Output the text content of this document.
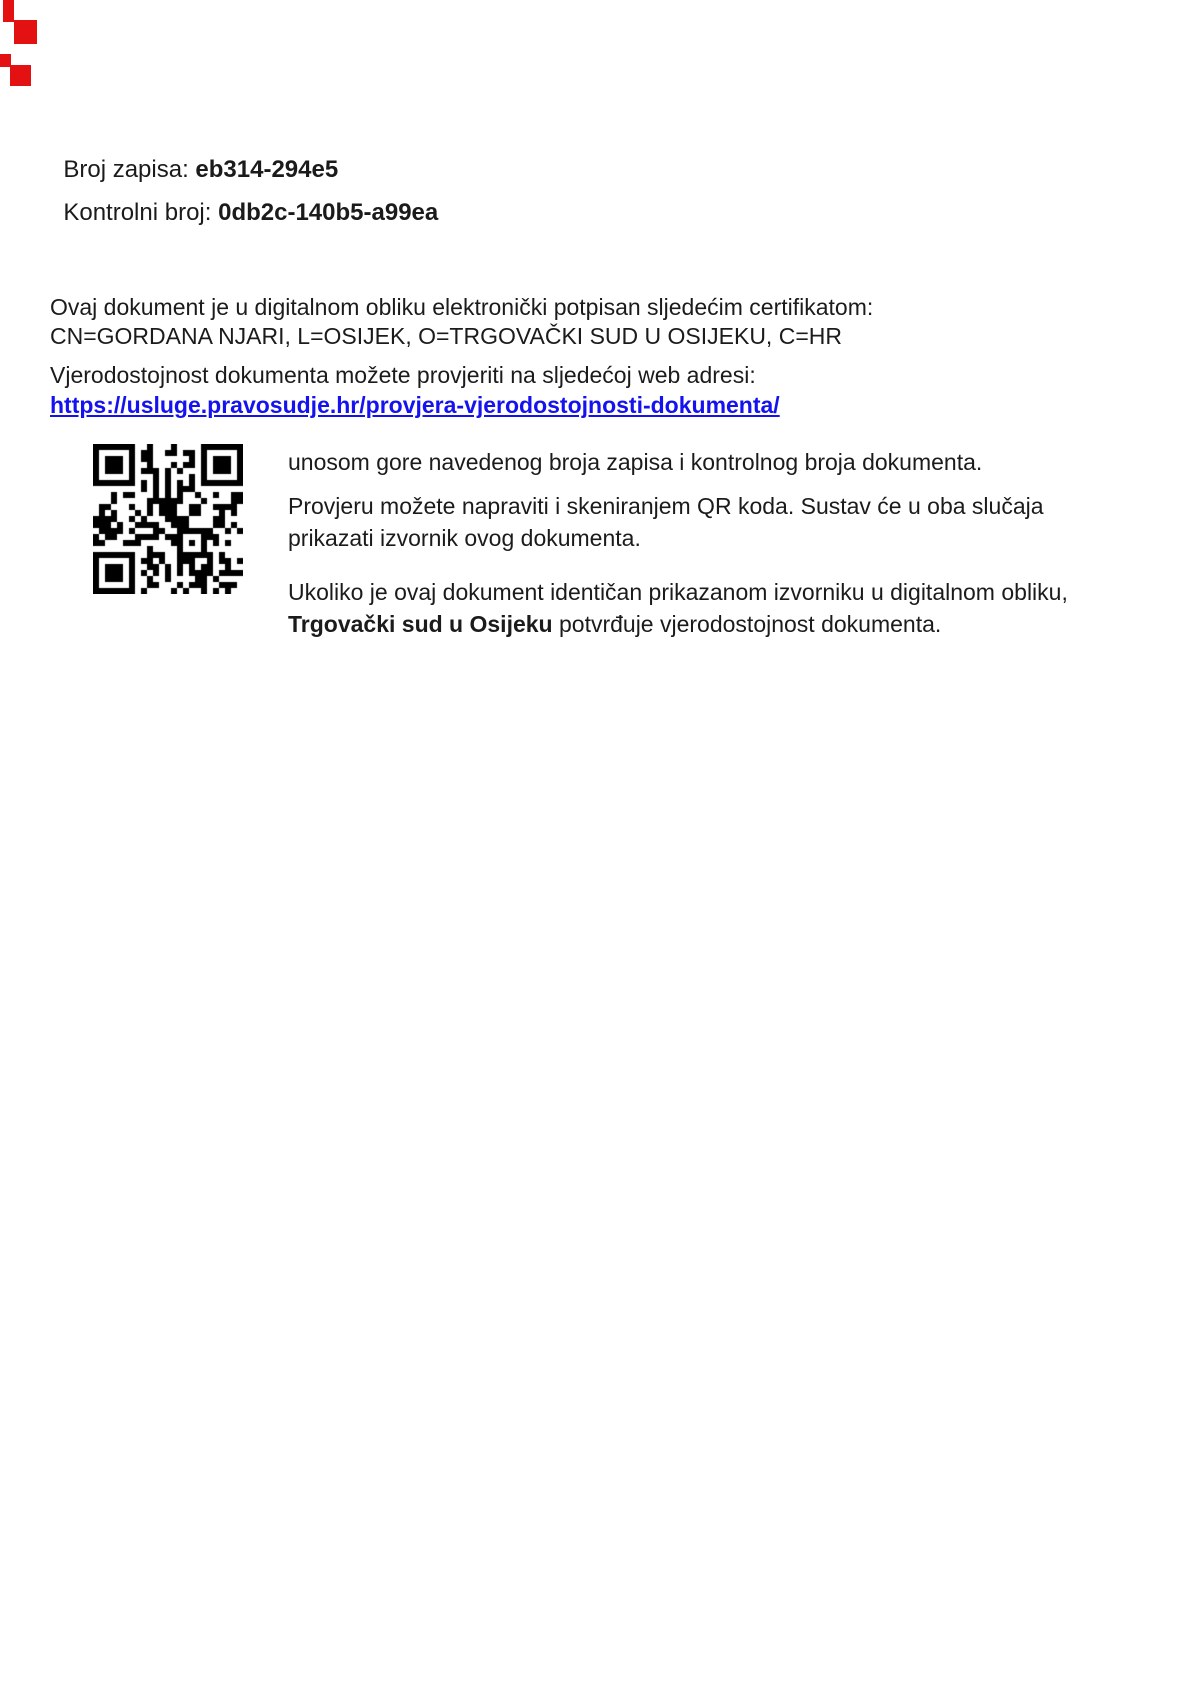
Broj zapisa: eb314-294e5

Kontrolni broj: 0db2c-140b5-a99ea

Ovaj dokument je u digitalnom obliku elektronički potpisan sljedećim certifikatom:
CN=GORDANA NJARI, L=OSIJEK, O=TRGOVAČKI SUD U OSIJEKU, C=HR
Vjerodostojnost dokumenta možete provjeriti na sljedećoj web adresi:
https://usluge.pravosudje.hr/provjera-vjerodostojnosti-dokumenta/
unosom gore navedenog broja zapisa i kontrolnog broja dokumenta.
Provjeru možete napraviti i skeniranjem QR koda. Sustav će u oba slučaja prikazati izvornik ovog dokumenta.
Ukoliko je ovaj dokument identičan prikazanom izvorniku u digitalnom obliku, Trgovački sud u Osijeku potvrđuje vjerodostojnost dokumenta.
